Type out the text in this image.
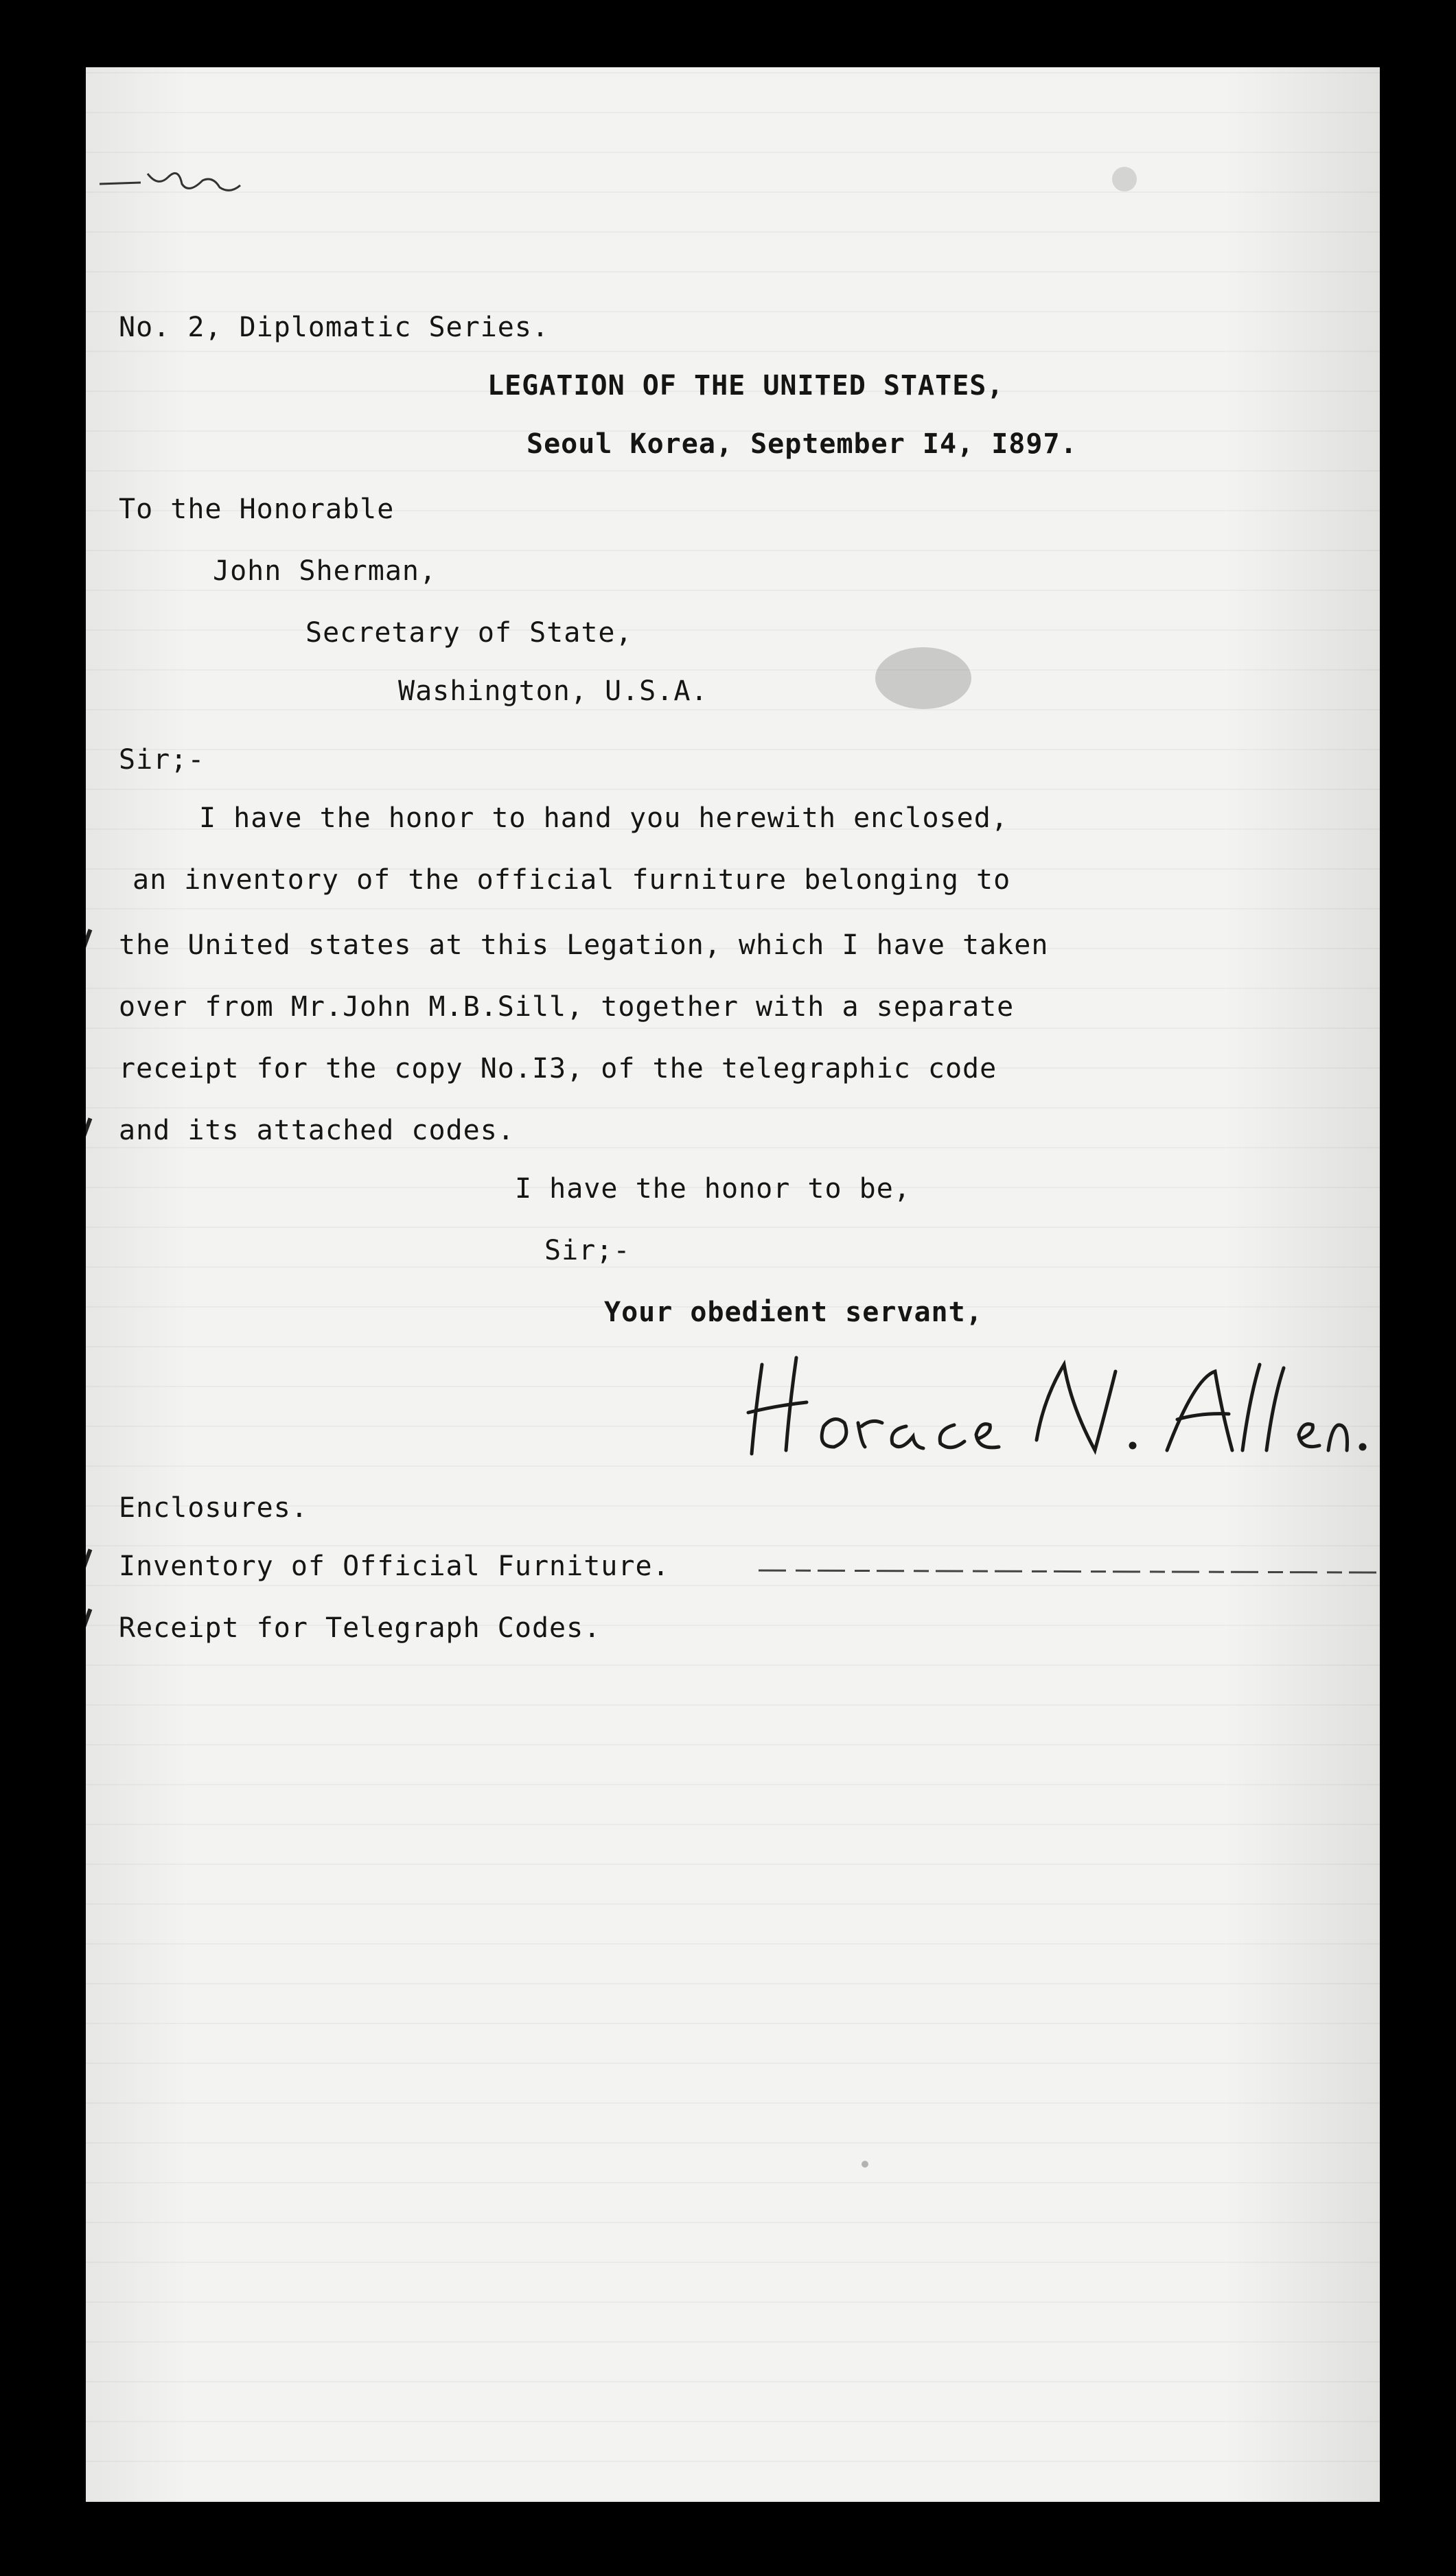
No. 2, Diplomatic Series.
LEGATION OF THE UNITED STATES,
Seoul Korea, September I4, I897.
To the Honorable
John Sherman,
Secretary of State,
Washington, U.S.A.
Sir;-
I have the honor to hand you herewith enclosed,
an inventory of the official furniture belonging to
the United states at this Legation, which I have taken
over from Mr.John M.B.Sill, together with a separate
receipt for the copy No.I3, of the telegraphic code
and its attached codes.
I have the honor to be,
Sir;-
Your obedient servant,
Enclosures.
Inventory of Official Furniture.
Receipt for Telegraph Codes.
